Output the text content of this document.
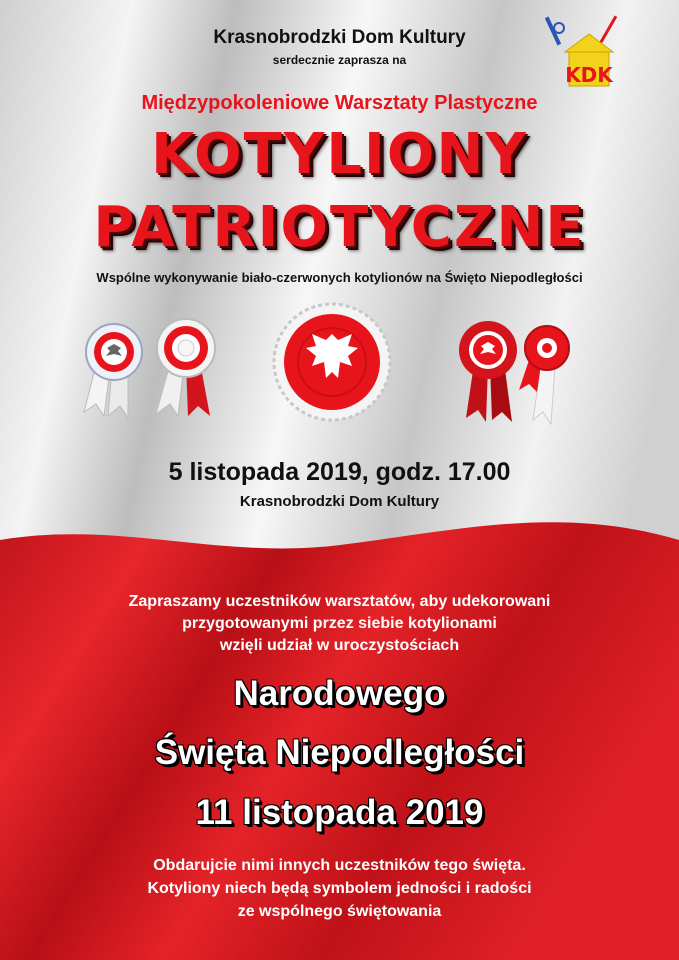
Krasnobrodzki Dom Kultury

serdecznie zaprasza na

KDK

Międzypokoleniowe Warsztaty Plastyczne

KOTYLIONY

PATRIOTYCZNE

Wspólne wykonywanie biało-czerwonych kotylionów na Święto Niepodległości

5 listopada 2019, godz. 17.00

Krasnobrodzki Dom Kultury

Zapraszamy uczestników warsztatów, aby udekorowani

przygotowanymi przez siebie kotylionami

wzięli udział w uroczystościach

Narodowego

Święta Niepodległości

11 listopada 2019

Obdarujcie nimi innych uczestników tego święta.

Kotyliony niech będą symbolem jedności i radości

ze wspólnego świętowania
